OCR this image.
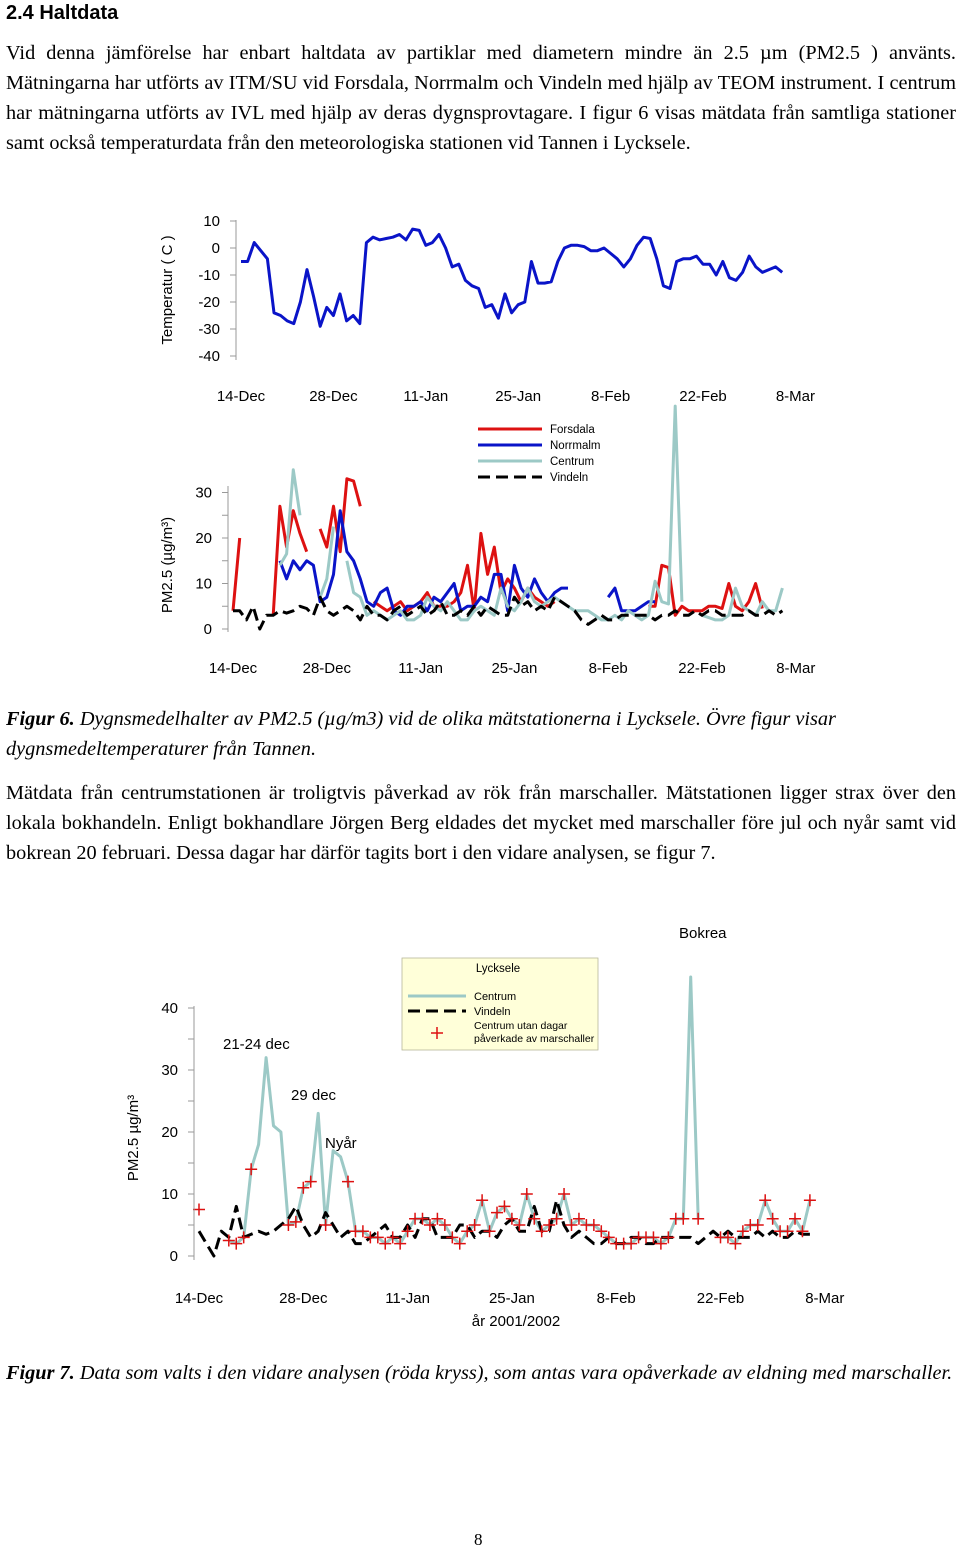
2.4 Haltdata
Vid denna jämförelse har enbart haltdata av partiklar med diametern mindre än 2.5 µm (PM2.5 ) använts. Mätningarna har utförts av ITM/SU vid Forsdala, Norrmalm och Vindeln med hjälp av TEOM instrument. I centrum har mätningarna utförts av IVL med hjälp av deras dygnsprovtagare. I figur 6 visas mätdata från samtliga stationer samt också temperaturdata från den meteorologiska stationen vid Tannen i Lycksele.
14-Dec	28-Dec	11-Jan	25-Jan	8-Feb	22-Feb	8-Mar
10
0
-10
-20
-30
-40
Temperatur ( C )
14-Dec	28-Dec	11-Jan	25-Jan	8-Feb	22-Feb	8-Mar
30
20
10
0
PM2.5 (µg/m³)
Forsdala
Norrmalm
Centrum
Vindeln
Figur 6. Dygnsmedelhalter av PM2.5 (µg/m3) vid de olika mätstationerna i Lycksele. Övre figur visar dygnsmedeltemperaturer från Tannen.
Mätdata från centrumstationen är troligtvis påverkad av rök från marschaller. Mätstationen ligger strax över den lokala bokhandeln. Enligt bokhandlare Jörgen Berg eldades det mycket med marschaller före jul och nyår samt vid bokrean 20 februari. Dessa dagar har därför tagits bort i den vidare analysen, se figur 7.
14-Dec	28-Dec	11-Jan	25-Jan	8-Feb	22-Feb	8-Mar
40
30
20
10
0
PM2.5 µg/m³
år 2001/2002
Bokrea
21-24 dec
29 dec
Nyår
Lycksele
Centrum
Vindeln
Centrum utan dagar påverkade av marschaller
Figur 7. Data som valts i den vidare analysen (röda kryss), som antas vara opåverkade av eldning med marschaller.
8
